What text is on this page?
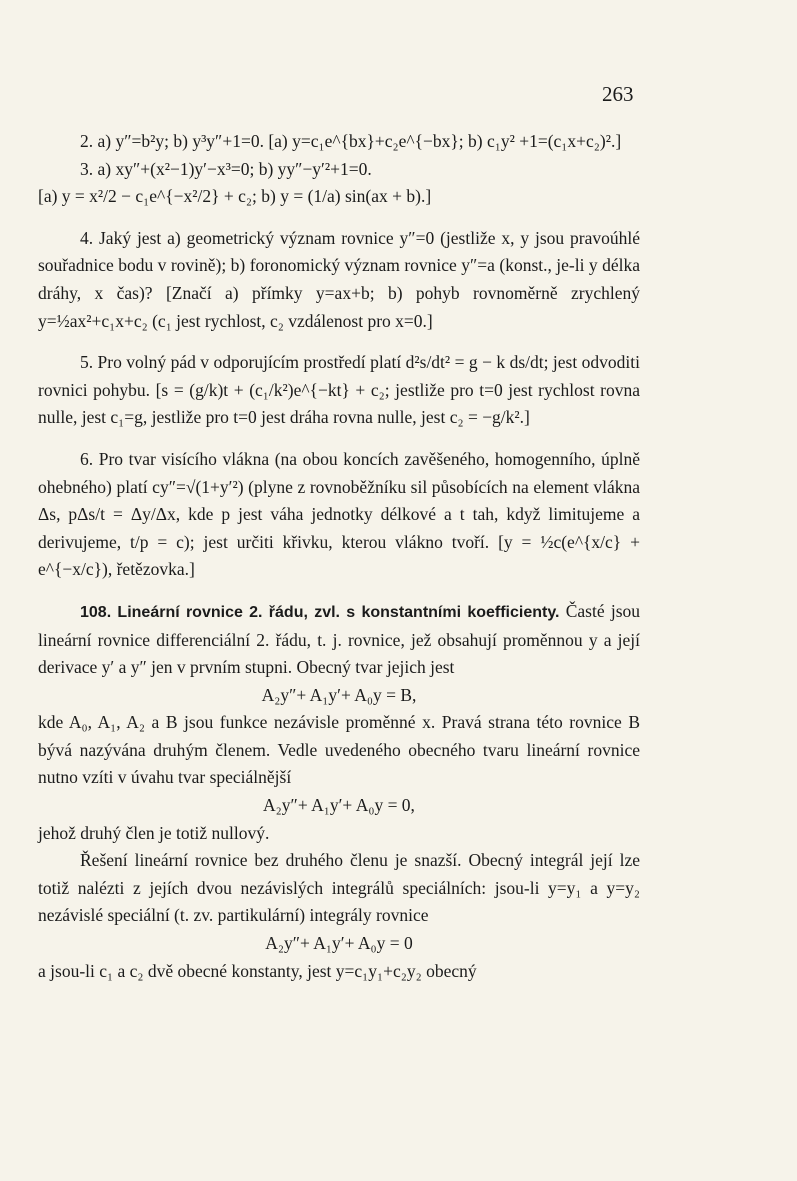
263

2. a) y″=b²y; b) y³y″+1=0. [a) y=c₁e^{bx}+c₂e^{−bx}; b) c₁y² +1=(c₁x+c₂)².]

3. a) xy″+(x²−1)y′−x³=0; b) yy″−y′²+1=0.

[a) y = x²/2 − c₁e^{−x²/2} + c₂; b) y = (1/a) sin(ax + b).]

4. Jaký jest a) geometrický význam rovnice y″=0 (jestliže x, y jsou pravoúhlé souřadnice bodu v rovině); b) foronomický význam rovnice y″=a (konst., je-li y délka dráhy, x čas)? [Značí a) přímky y=ax+b; b) pohyb rovnoměrně zrychlený y=½ax²+c₁x+c₂ (c₁ jest rychlost, c₂ vzdálenost pro x=0.]

5. Pro volný pád v odporujícím prostředí platí d²s/dt² = g − k ds/dt; jest odvoditi rovnici pohybu. [s = (g/k)t + (c₁/k²)e^{−kt} + c₂; jestliže pro t=0 jest rychlost rovna nulle, jest c₁=g, jestliže pro t=0 jest dráha rovna nulle, jest c₂ = −g/k².]

6. Pro tvar visícího vlákna (na obou koncích zavěšeného, homogenního, úplně ohebného) platí cy″=√(1+y′²) (plyne z rovnoběžníku sil působících na element vlákna Δs, pΔs/t = Δy/Δx, kde p jest váha jednotky délkové a t tah, když limitujeme a derivujeme, t/p = c); jest určiti křivku, kterou vlákno tvoří. [y = ½c(e^{x/c} + e^{−x/c}), řetězovka.]

108. Lineární rovnice 2. řádu, zvl. s konstantními koefficienty. Časté jsou lineární rovnice differenciální 2. řádu, t. j. rovnice, jež obsahují proměnnou y a její derivace y′ a y″ jen v prvním stupni. Obecný tvar jejich jest

A₂y″+ A₁y′+ A₀y = B,

kde A₀, A₁, A₂ a B jsou funkce nezávisle proměnné x. Pravá strana této rovnice B bývá nazývána druhým členem. Vedle uvedeného obecného tvaru lineární rovnice nutno vzíti v úvahu tvar speciálnější

A₂y″+ A₁y′+ A₀y = 0,

jehož druhý člen je totiž nullový.

Řešení lineární rovnice bez druhého členu je snazší. Obecný integrál její lze totiž nalézti z jejích dvou nezávislých integrálů speciálních: jsou-li y=y₁ a y=y₂ nezávislé speciální (t. zv. partikulární) integrály rovnice

A₂y″+ A₁y′+ A₀y = 0

a jsou-li c₁ a c₂ dvě obecné konstanty, jest y=c₁y₁+c₂y₂ obecný
